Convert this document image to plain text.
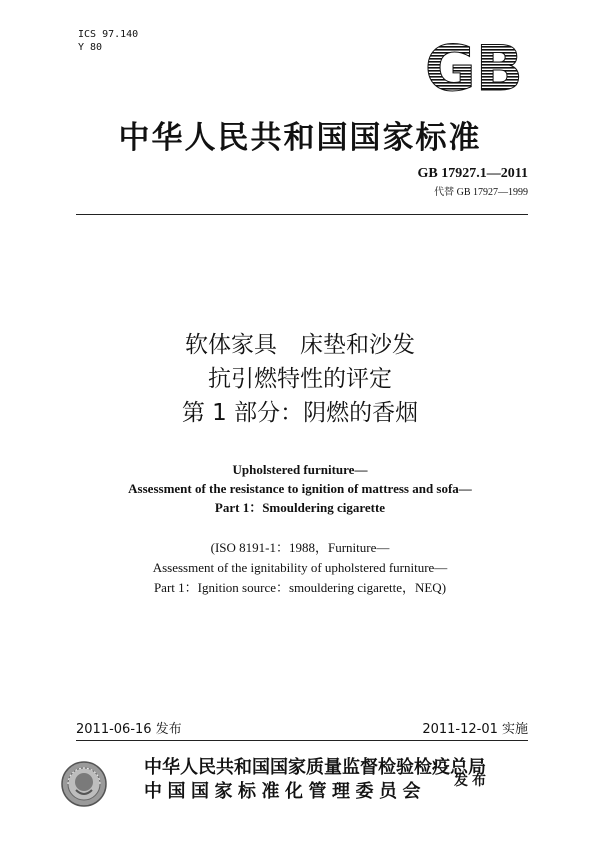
ICS 97.140
Y 80	GB
中华人民共和国国家标准
GB 17927.1—2011
代替 GB 17927—1999
软体家具　床垫和沙发
抗引燃特性的评定
第 1 部分：阴燃的香烟
Upholstered furniture—
Assessment of the resistance to ignition of mattress and sofa—
Part 1：Smouldering cigarette
(ISO 8191-1：1988，Furniture—
Assessment of the ignitability of upholstered furniture—
Part 1：Ignition source：smouldering cigarette，NEQ)
2011-06-16 发布	2011-12-01 实施
中华人民共和国国家质量监督检验检疫总局
中国国家标准化管理委员会	发布
